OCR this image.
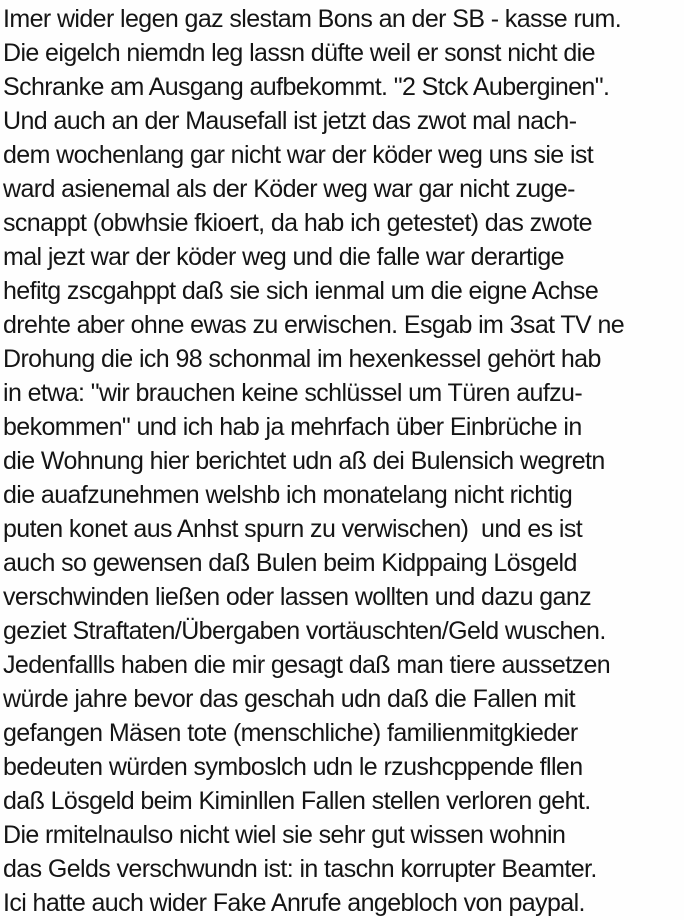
Imer wider legen gaz slestam Bons an der SB - kasse rum.
Die eigelch niemdn leg lassn düfte weil er sonst nicht die
Schranke am Ausgang aufbekommt. "2 Stck Auberginen".
Und auch an der Mausefall ist jetzt das zwot mal nach-
dem wochenlang gar nicht war der köder weg uns sie ist
ward asienemal als der Köder weg war gar nicht zuge-
scnappt (obwhsie fkioert, da hab ich getestet) das zwote
mal jezt war der köder weg und die falle war derartige
hefitg zscgahppt daß sie sich ienmal um die eigne Achse
drehte aber ohne ewas zu erwischen. Esgab im 3sat TV ne
Drohung die ich 98 schonmal im hexenkessel gehört hab
in etwa: "wir brauchen keine schlüssel um Türen aufzu-
bekommen" und ich hab ja mehrfach über Einbrüche in
die Wohnung hier berichtet udn aß dei Bulensich wegretn
die auafzunehmen welshb ich monatelang nicht richtig
puten konet aus Anhst spurn zu verwischen)  und es ist
auch so gewensen daß Bulen beim Kidppaing Lösgeld
verschwinden ließen oder lassen wollten und dazu ganz
geziet Straftaten/Übergaben vortäuschten/Geld wuschen.
Jedenfallls haben die mir gesagt daß man tiere aussetzen
würde jahre bevor das geschah udn daß die Fallen mit
gefangen Mäsen tote (menschliche) familienmitgkieder
bedeuten würden symboslch udn le rzushcppende fllen
daß Lösgeld beim Kiminllen Fallen stellen verloren geht.
Die rmitelnaulso nicht wiel sie sehr gut wissen wohnin
das Gelds verschwundn ist: in taschn korrupter Beamter.
Ici hatte auch wider Fake Anrufe angebloch von paypal.
